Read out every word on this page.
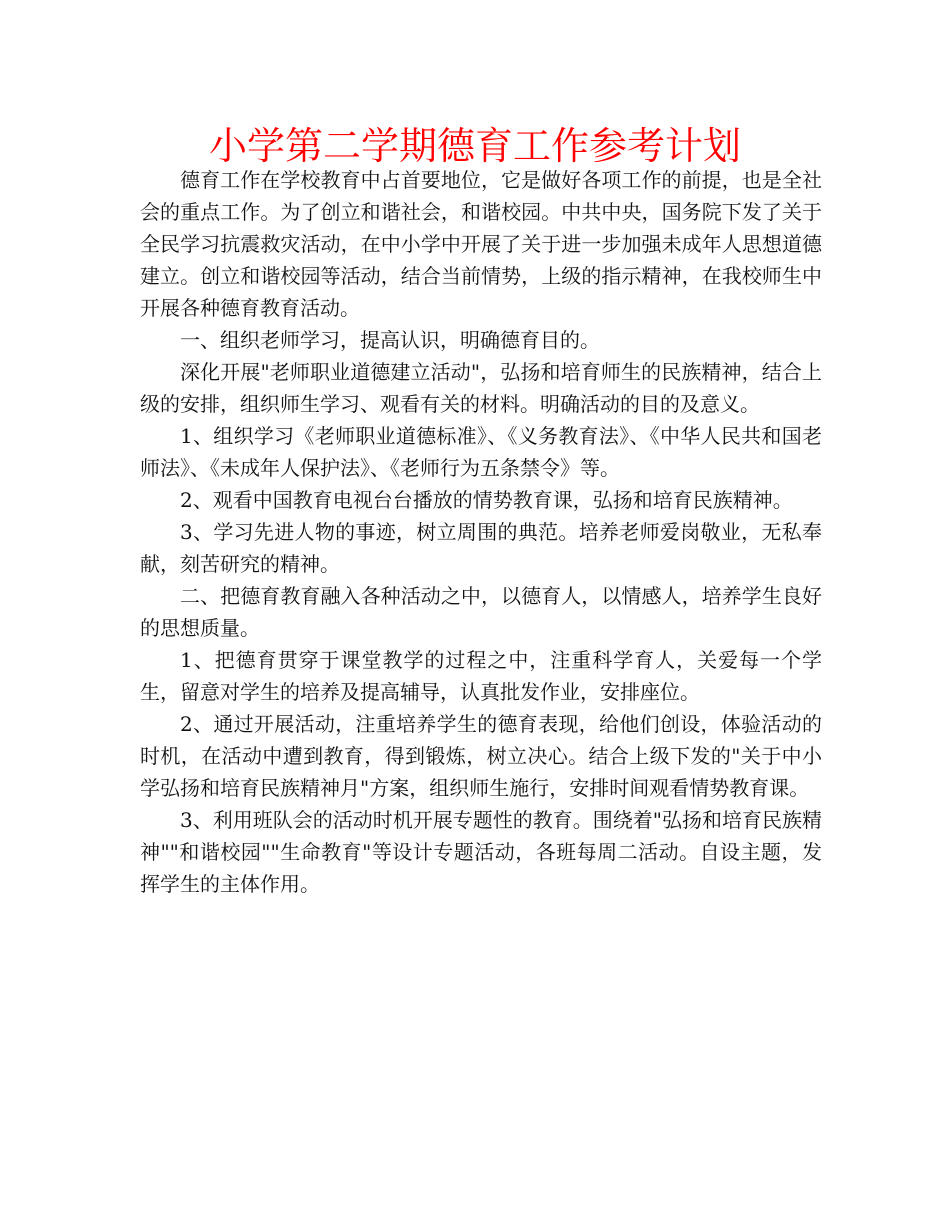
小学第二学期德育工作参考计划

德育工作在学校教育中占首要地位，它是做好各项工作的前提，也是全社会的重点工作。为了创立和谐社会，和谐校园。中共中央，国务院下发了关于全民学习抗震救灾活动，在中小学中开展了关于进一步加强未成年人思想道德建立。创立和谐校园等活动，结合当前情势，上级的指示精神，在我校师生中开展各种德育教育活动。

一、组织老师学习，提高认识，明确德育目的。

深化开展"老师职业道德建立活动"，弘扬和培育师生的民族精神，结合上级的安排，组织师生学习、观看有关的材料。明确活动的目的及意义。

1、组织学习《老师职业道德标准》、《义务教育法》、《中华人民共和国老师法》、《未成年人保护法》、《老师行为五条禁令》等。

2、观看中国教育电视台台播放的情势教育课，弘扬和培育民族精神。

3、学习先进人物的事迹，树立周围的典范。培养老师爱岗敬业，无私奉献，刻苦研究的精神。

二、把德育教育融入各种活动之中，以德育人，以情感人，培养学生良好的思想质量。

1、把德育贯穿于课堂教学的过程之中，注重科学育人，关爱每一个学生，留意对学生的培养及提高辅导，认真批发作业，安排座位。

2、通过开展活动，注重培养学生的德育表现，给他们创设，体验活动的时机，在活动中遭到教育，得到锻炼，树立决心。结合上级下发的"关于中小学弘扬和培育民族精神月"方案，组织师生施行，安排时间观看情势教育课。

3、利用班队会的活动时机开展专题性的教育。围绕着"弘扬和培育民族精神""和谐校园""生命教育"等设计专题活动，各班每周二活动。自设主题，发挥学生的主体作用。
